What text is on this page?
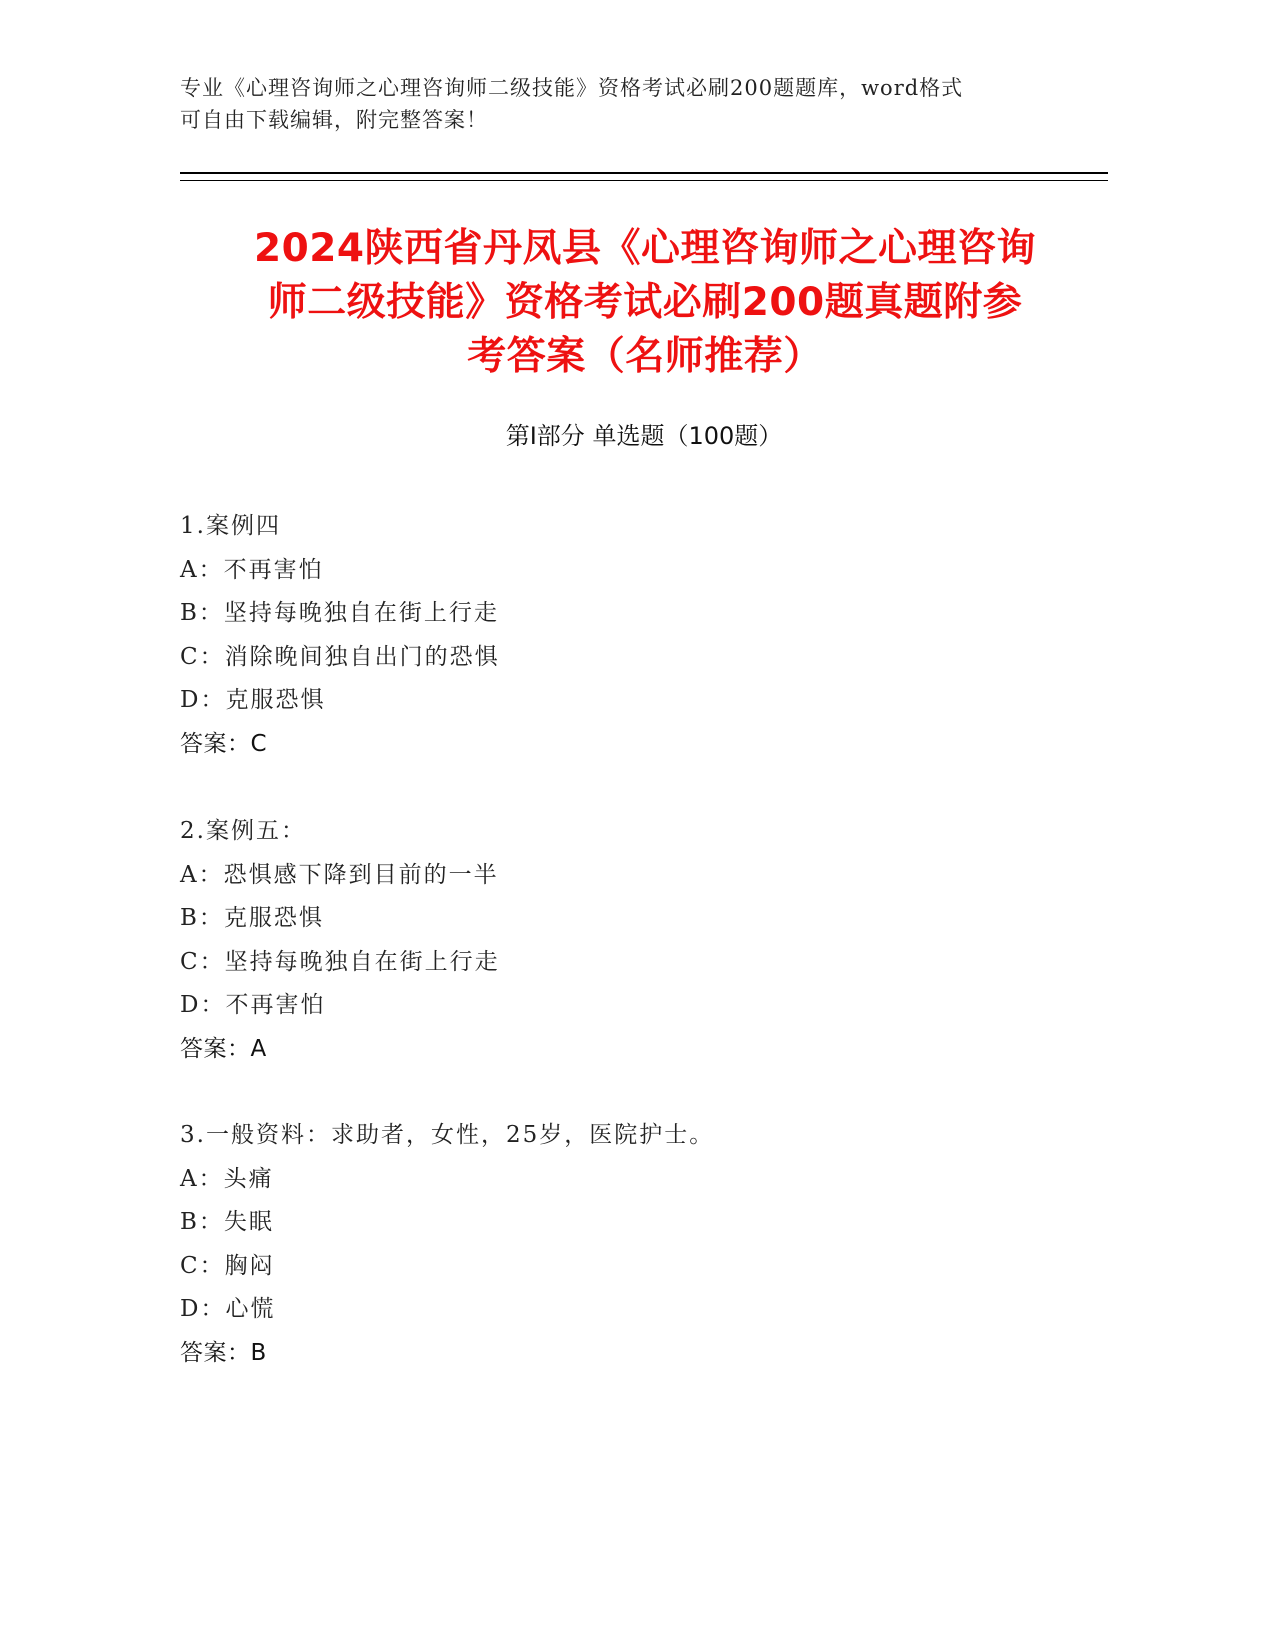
专业《心理咨询师之心理咨询师二级技能》资格考试必刷200题题库，word格式
可自由下载编辑，附完整答案！
2024陕西省丹凤县《心理咨询师之心理咨询
师二级技能》资格考试必刷200题真题附参
考答案（名师推荐）
第Ⅰ部分 单选题（100题）
1.案例四
A：不再害怕
B：坚持每晚独自在街上行走
C：消除晚间独自出门的恐惧
D：克服恐惧
答案：C
2.案例五：
A：恐惧感下降到目前的一半
B：克服恐惧
C：坚持每晚独自在街上行走
D：不再害怕
答案：A
3.一般资料：求助者，女性，25岁，医院护士。
A：头痛
B：失眠
C：胸闷
D：心慌
答案：B
